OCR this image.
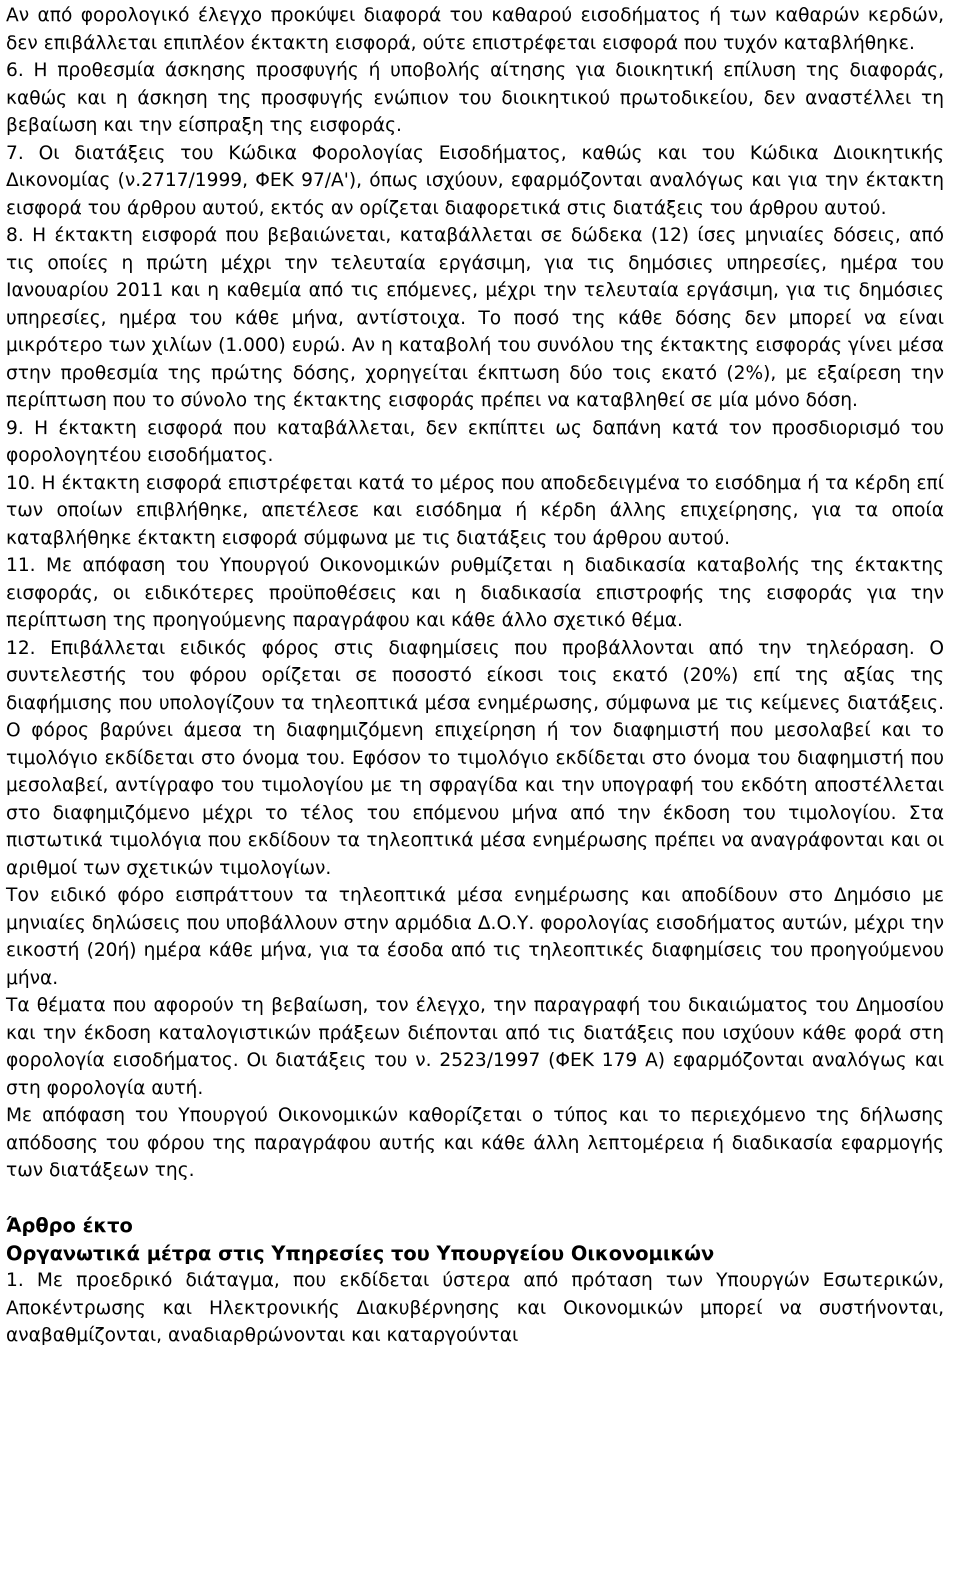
Αν από φορολογικό έλεγχο προκύψει διαφορά του καθαρού εισοδήματος ή των καθαρών κερδών, δεν επιβάλλεται επιπλέον έκτακτη εισφορά, ούτε επιστρέφεται εισφορά που τυχόν καταβλήθηκε.

6. Η προθεσμία άσκησης προσφυγής ή υποβολής αίτησης για διοικητική επίλυση της διαφοράς, καθώς και η άσκηση της προσφυγής ενώπιον του διοικητικού πρωτοδικείου, δεν αναστέλλει τη βεβαίωση και την είσπραξη της εισφοράς.

7. Οι διατάξεις του Κώδικα Φορολογίας Εισοδήματος, καθώς και του Κώδικα Διοικητικής Δικονομίας (ν.2717/1999, ΦΕΚ 97/Α'), όπως ισχύουν, εφαρμόζονται αναλόγως και για την έκτακτη εισφορά του άρθρου αυτού, εκτός αν ορίζεται διαφορετικά στις διατάξεις του άρθρου αυτού.

8. Η έκτακτη εισφορά που βεβαιώνεται, καταβάλλεται σε δώδεκα (12) ίσες μηνιαίες δόσεις, από τις οποίες η πρώτη μέχρι την τελευταία εργάσιμη, για τις δημόσιες υπηρεσίες, ημέρα του Ιανουαρίου 2011 και η καθεμία από τις επόμενες, μέχρι την τελευταία εργάσιμη, για τις δημόσιες υπηρεσίες, ημέρα του κάθε μήνα, αντίστοιχα. Το ποσό της κάθε δόσης δεν μπορεί να είναι μικρότερο των χιλίων (1.000) ευρώ. Αν η καταβολή του συνόλου της έκτακτης εισφοράς γίνει μέσα στην προθεσμία της πρώτης δόσης, χορηγείται έκπτωση δύο τοις εκατό (2%), με εξαίρεση την περίπτωση που το σύνολο της έκτακτης εισφοράς πρέπει να καταβληθεί σε μία μόνο δόση.

9. Η έκτακτη εισφορά που καταβάλλεται, δεν εκπίπτει ως δαπάνη κατά τον προσδιορισμό του φορολογητέου εισοδήματος.

10. Η έκτακτη εισφορά επιστρέφεται κατά το μέρος που αποδεδειγμένα το εισόδημα ή τα κέρδη επί των οποίων επιβλήθηκε, απετέλεσε και εισόδημα ή κέρδη άλλης επιχείρησης, για τα οποία καταβλήθηκε έκτακτη εισφορά σύμφωνα με τις διατάξεις του άρθρου αυτού.

11. Με απόφαση του Υπουργού Οικονομικών ρυθμίζεται η διαδικασία καταβολής της έκτακτης εισφοράς, οι ειδικότερες προϋποθέσεις και η διαδικασία επιστροφής της εισφοράς για την περίπτωση της προηγούμενης παραγράφου και κάθε άλλο σχετικό θέμα.

12. Επιβάλλεται ειδικός φόρος στις διαφημίσεις που προβάλλονται από την τηλεόραση. Ο συντελεστής του φόρου ορίζεται σε ποσοστό είκοσι τοις εκατό (20%) επί της αξίας της διαφήμισης που υπολογίζουν τα τηλεοπτικά μέσα ενημέρωσης, σύμφωνα με τις κείμενες διατάξεις. Ο φόρος βαρύνει άμεσα τη διαφημιζόμενη επιχείρηση ή τον διαφημιστή που μεσολαβεί και το τιμολόγιο εκδίδεται στο όνομα του. Εφόσον το τιμολόγιο εκδίδεται στο όνομα του διαφημιστή που μεσολαβεί, αντίγραφο του τιμολογίου με τη σφραγίδα και την υπογραφή του εκδότη αποστέλλεται στο διαφημιζόμενο μέχρι το τέλος του επόμενου μήνα από την έκδοση του τιμολογίου. Στα πιστωτικά τιμολόγια που εκδίδουν τα τηλεοπτικά μέσα ενημέρωσης πρέπει να αναγράφονται και οι αριθμοί των σχετικών τιμολογίων.

Τον ειδικό φόρο εισπράττουν τα τηλεοπτικά μέσα ενημέρωσης και αποδίδουν στο Δημόσιο με μηνιαίες δηλώσεις που υποβάλλουν στην αρμόδια Δ.Ο.Υ. φορολογίας εισοδήματος αυτών, μέχρι την εικοστή (20ή) ημέρα κάθε μήνα, για τα έσοδα από τις τηλεοπτικές διαφημίσεις του προηγούμενου μήνα.

Τα θέματα που αφορούν τη βεβαίωση, τον έλεγχο, την παραγραφή του δικαιώματος του Δημοσίου και την έκδοση καταλογιστικών πράξεων διέπονται από τις διατάξεις που ισχύουν κάθε φορά στη φορολογία εισοδήματος. Οι διατάξεις του ν. 2523/1997 (ΦΕΚ 179 Α) εφαρμόζονται αναλόγως και στη φορολογία αυτή.

Με απόφαση του Υπουργού Οικονομικών καθορίζεται ο τύπος και το περιεχόμενο της δήλωσης απόδοσης του φόρου της παραγράφου αυτής και κάθε άλλη λεπτομέρεια ή διαδικασία εφαρμογής των διατάξεων της.

Άρθρο έκτο

Οργανωτικά μέτρα στις Υπηρεσίες του Υπουργείου Οικονομικών

1. Με προεδρικό διάταγμα, που εκδίδεται ύστερα από πρόταση των Υπουργών Εσωτερικών, Αποκέντρωσης και Ηλεκτρονικής Διακυβέρνησης και Οικονομικών μπορεί να συστήνονται, αναβαθμίζονται, αναδιαρθρώνονται και καταργούνται
